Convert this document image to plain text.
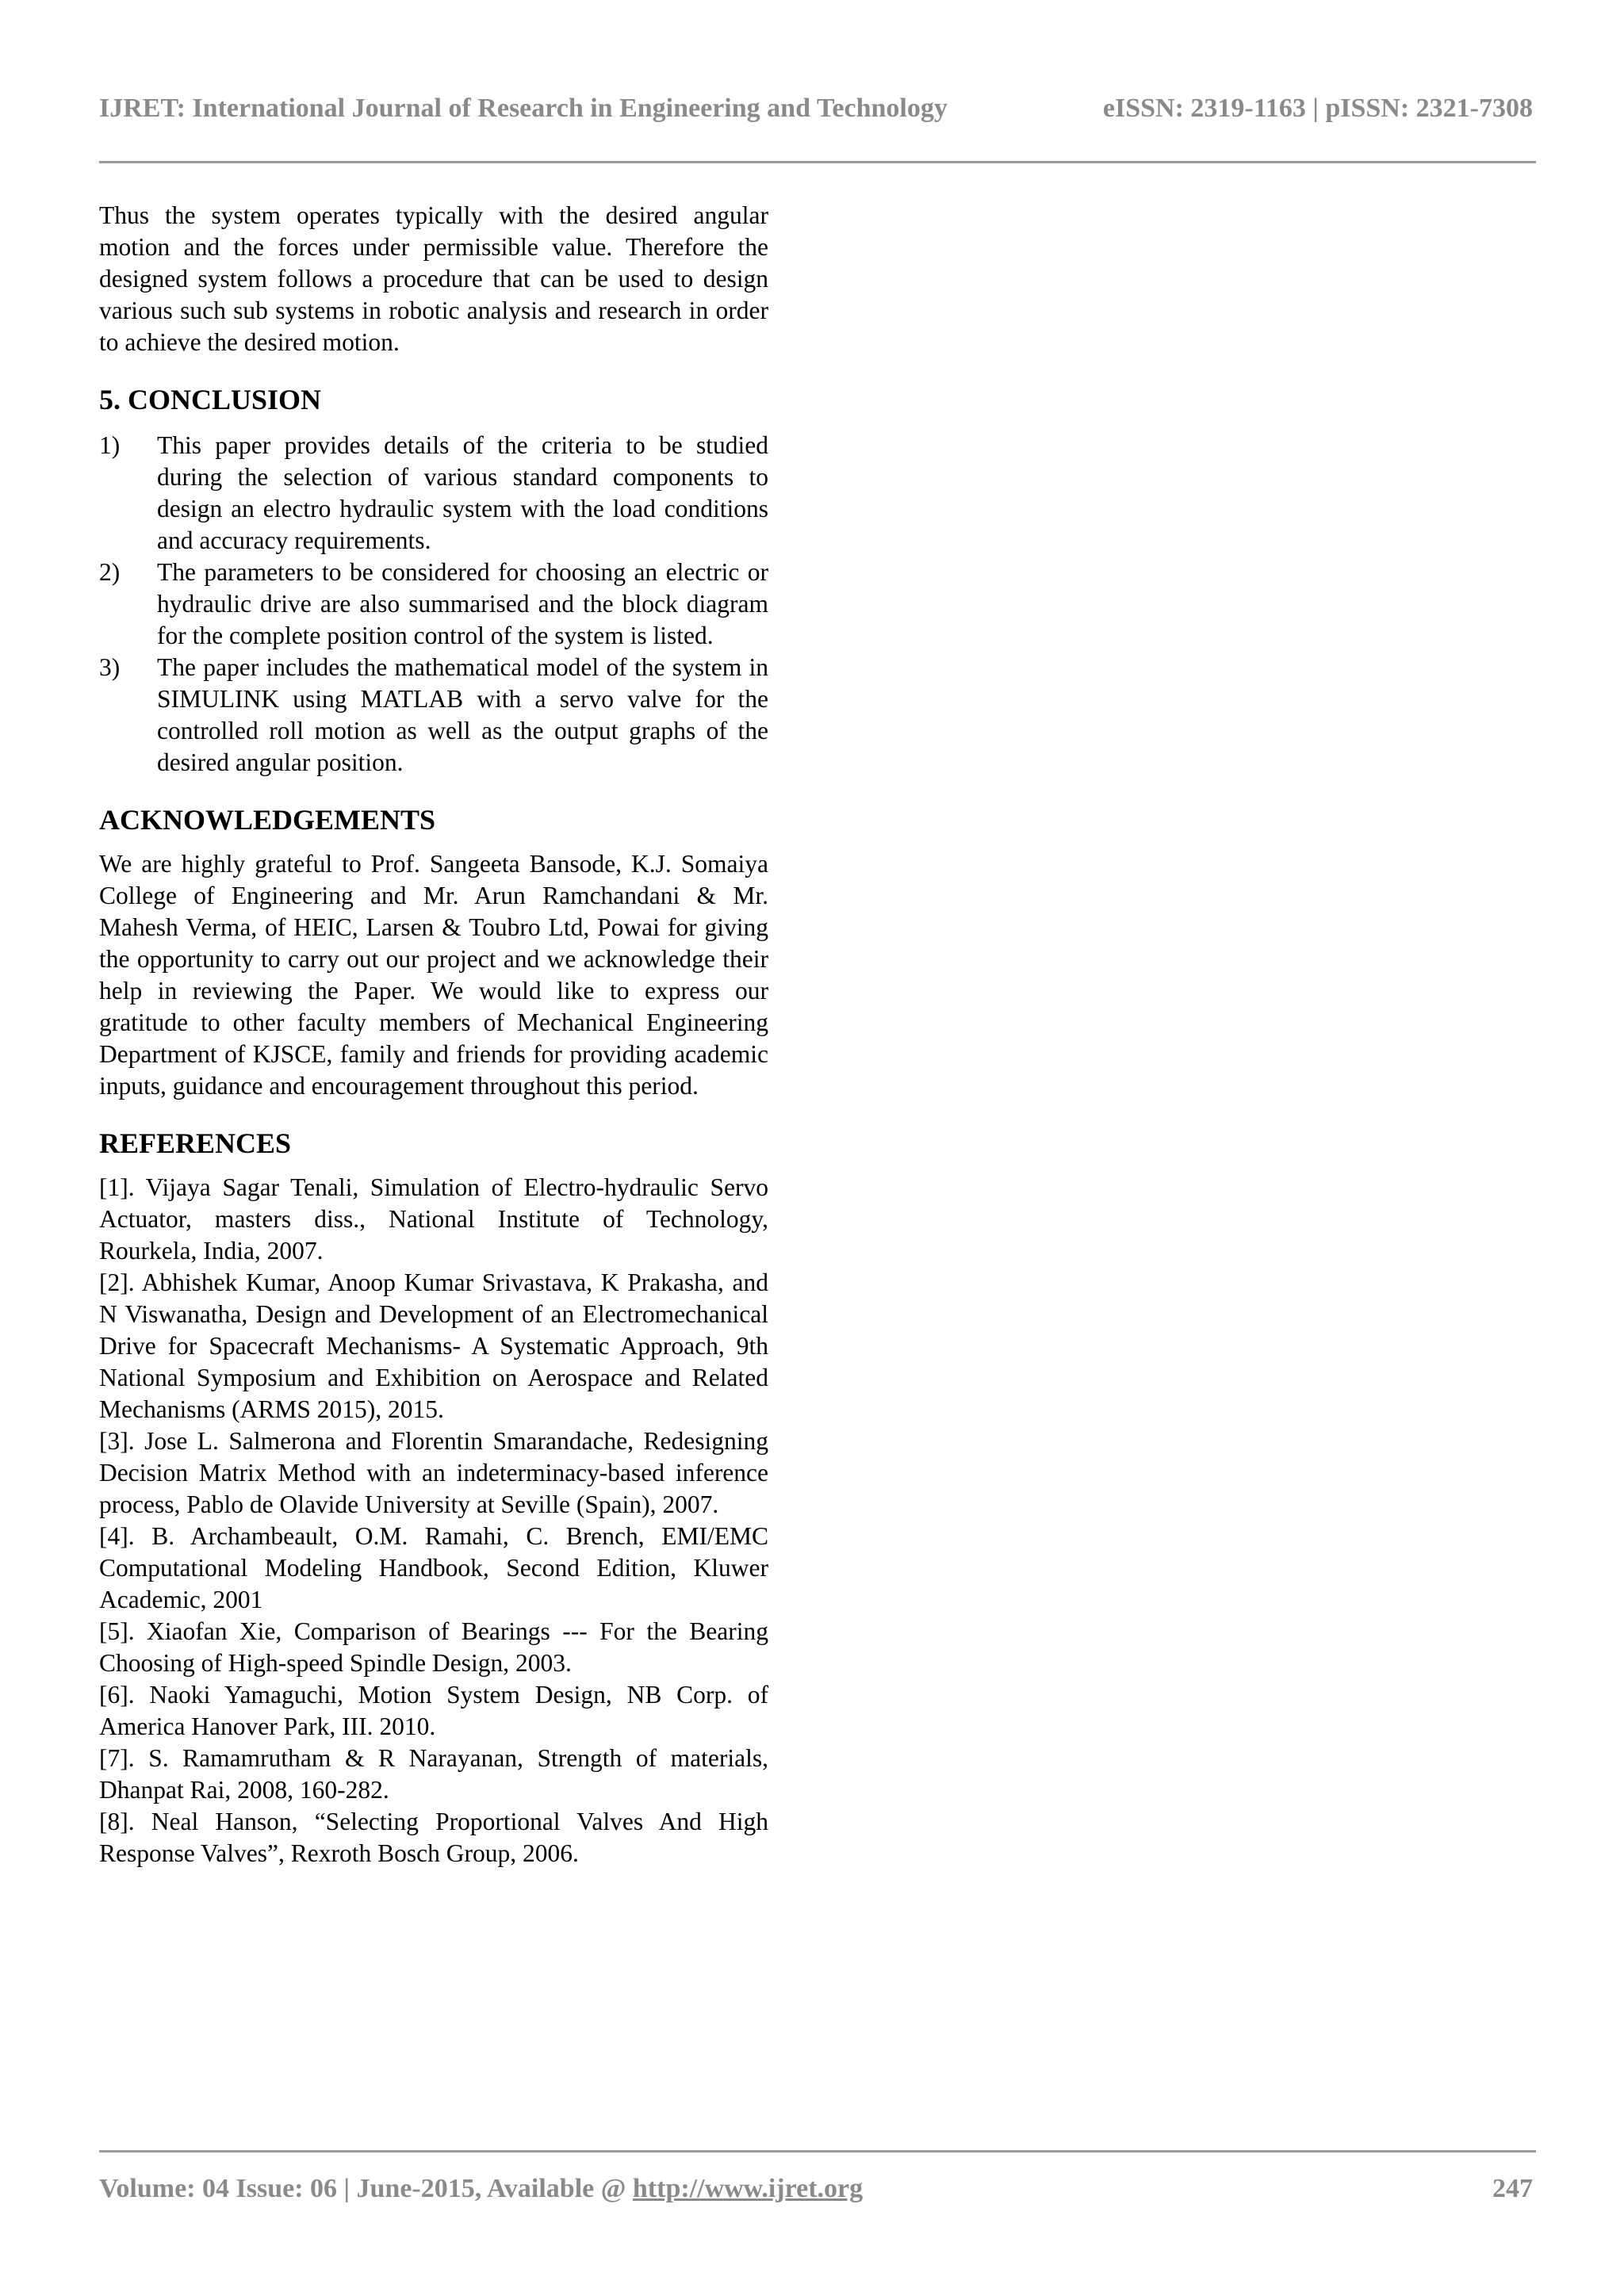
IJRET: International Journal of Research in Engineering and Technology	eISSN: 2319-1163 | pISSN: 2321-7308

Thus the system operates typically with the desired angular motion and the forces under permissible value. Therefore the designed system follows a procedure that can be used to design various such sub systems in robotic analysis and research in order to achieve the desired motion.

5. CONCLUSION
1) This paper provides details of the criteria to be studied during the selection of various standard components to design an electro hydraulic system with the load conditions and accuracy requirements.
2) The parameters to be considered for choosing an electric or hydraulic drive are also summarised and the block diagram for the complete position control of the system is listed.
3) The paper includes the mathematical model of the system in SIMULINK using MATLAB with a servo valve for the controlled roll motion as well as the output graphs of the desired angular position.
ACKNOWLEDGEMENTS

We are highly grateful to Prof. Sangeeta Bansode, K.J. Somaiya College of Engineering and Mr. Arun Ramchandani & Mr. Mahesh Verma, of HEIC, Larsen & Toubro Ltd, Powai for giving the opportunity to carry out our project and we acknowledge their help in reviewing the Paper. We would like to express our gratitude to other faculty members of Mechanical Engineering Department of KJSCE, family and friends for providing academic inputs, guidance and encouragement throughout this period.

REFERENCES
[1]. Vijaya Sagar Tenali, Simulation of Electro-hydraulic Servo Actuator, masters diss., National Institute of Technology, Rourkela, India, 2007.
[2]. Abhishek Kumar, Anoop Kumar Srivastava, K Prakasha, and N Viswanatha, Design and Development of an Electromechanical Drive for Spacecraft Mechanisms- A Systematic Approach, 9th National Symposium and Exhibition on Aerospace and Related Mechanisms (ARMS 2015), 2015.
[3]. Jose L. Salmerona and Florentin Smarandache, Redesigning Decision Matrix Method with an indeterminacy-based inference process, Pablo de Olavide University at Seville (Spain), 2007.
[4]. B. Archambeault, O.M. Ramahi, C. Brench, EMI/EMC Computational Modeling Handbook, Second Edition, Kluwer Academic, 2001
[5]. Xiaofan Xie, Comparison of Bearings --- For the Bearing Choosing of High-speed Spindle Design, 2003.
[6]. Naoki Yamaguchi, Motion System Design, NB Corp. of America Hanover Park, III. 2010.
[7]. S. Ramamrutham & R Narayanan, Strength of materials, Dhanpat Rai, 2008, 160-282.
[8]. Neal Hanson, “Selecting Proportional Valves And High Response Valves”, Rexroth Bosch Group, 2006.
Volume: 04 Issue: 06 | June-2015, Available @ http://www.ijret.org	247
